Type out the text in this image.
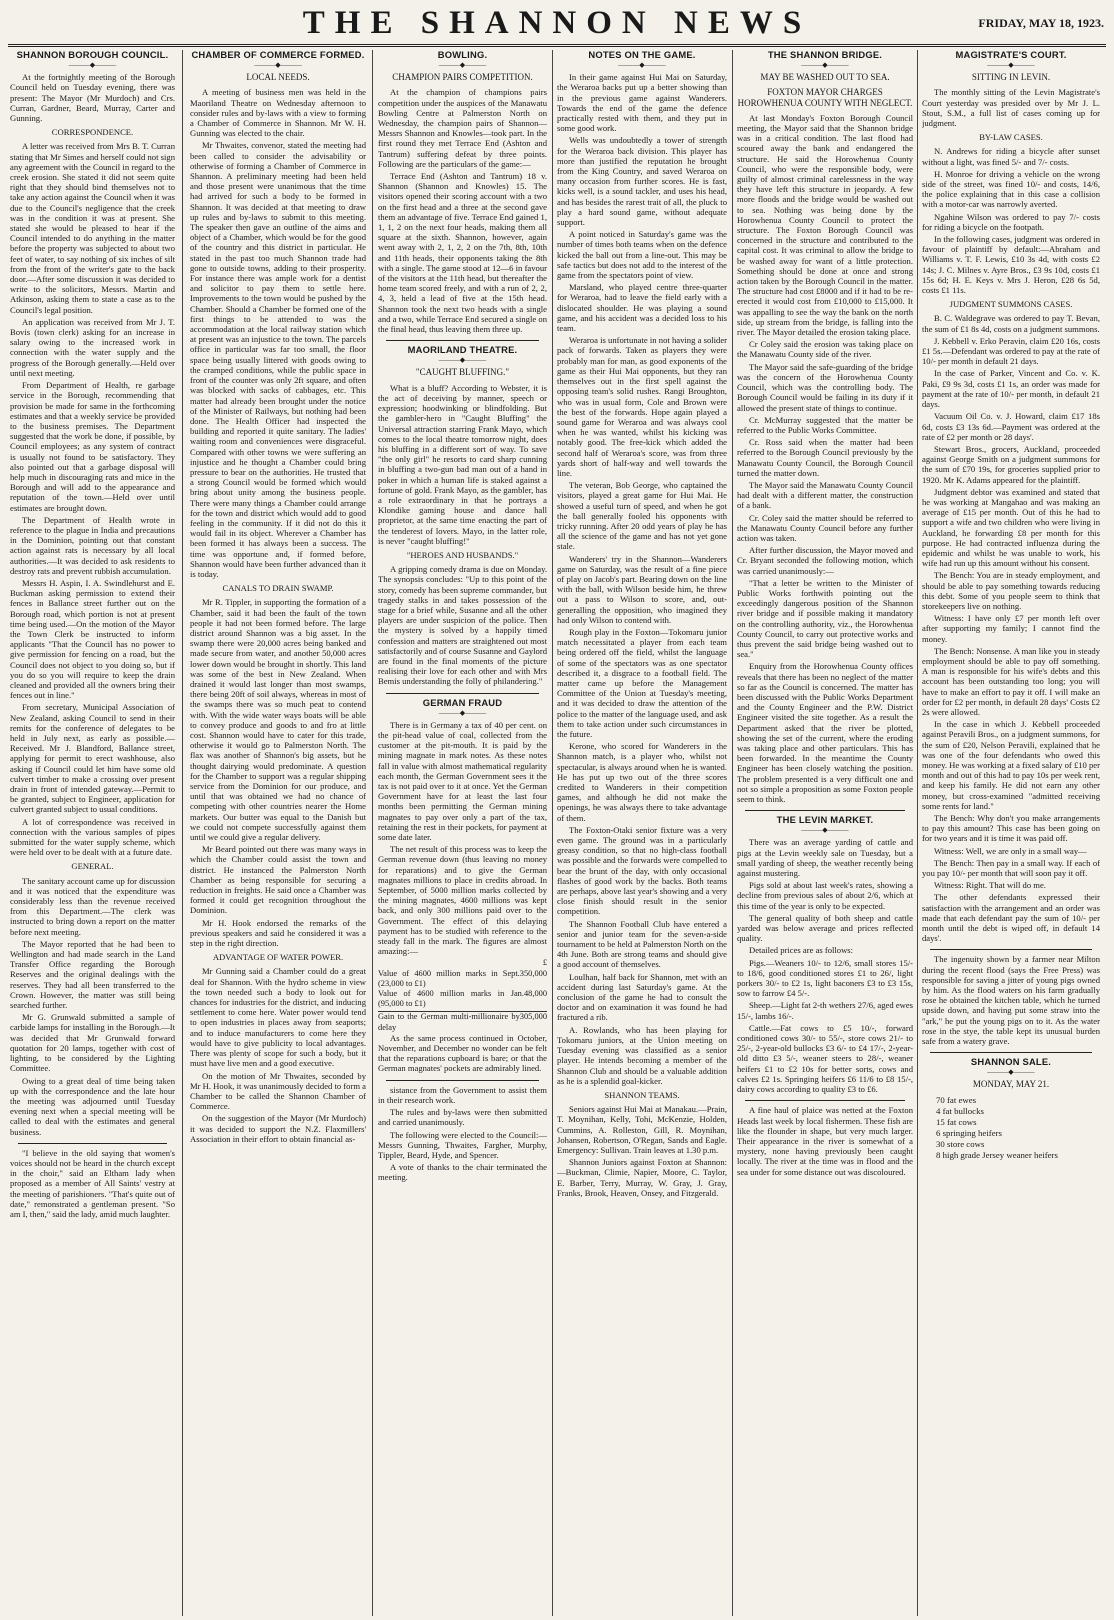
THE SHANNON NEWS	FRIDAY, MAY 18, 1923.
SHANNON BOROUGH COUNCIL.
———◆———

At the fortnightly meeting of the Borough Council held on Tuesday evening, there was present: The Mayor (Mr Murdoch) and Crs. Curran, Gardner, Beard, Murray, Carter and Gunning.

CORRESPONDENCE.

A letter was received from Mrs B. T. Curran stating that Mr Simes and herself could not sign any agreement with the Council in regard to the creek erosion. She stated it did not seem quite right that they should bind themselves not to take any action against the Council when it was due to the Council's negligence that the creek was in the condition it was at present. She stated she would be pleased to hear if the Council intended to do anything in the matter before the property was subjected to about two feet of water, to say nothing of six inches of silt from the front of the writer's gate to the back door.—After some discussion it was decided to write to the solicitors, Messrs. Martin and Atkinson, asking them to state a case as to the Council's legal position.

An application was received from Mr J. T. Bovis (town clerk) asking for an increase in salary owing to the increased work in connection with the water supply and the progress of the Borough generally.—Held over until next meeting.

From Department of Health, re garbage service in the Borough, recommending that provision be made for same in the forthcoming estimates and that a weekly service be provided to the business premises. The Department suggested that the work be done, if possible, by Council employees; as any system of contract is usually not found to be satisfactory. They also pointed out that a garbage disposal will help much in discouraging rats and mice in the Borough and will add to the appearance and reputation of the town.—Held over until estimates are brought down.

The Department of Health wrote in reference to the plague in India and precautions in the Dominion, pointing out that constant action against rats is necessary by all local authorities.—It was decided to ask residents to destroy rats and prevent rubbish accumulation.

Messrs H. Aspin, I. A. Swindlehurst and E. Buckman asking permission to extend their fences in Ballance street further out on the Borough road, which portion is not at present time being used.—On the motion of the Mayor the Town Clerk be instructed to inform applicants "That the Council has no power to give permission for fencing on a road, but the Council does not object to you doing so, but if you do so you will require to keep the drain cleaned and provided all the owners bring their fences out in line."

From secretary, Municipal Association of New Zealand, asking Council to send in their remits for the conference of delegates to be held in July next, as early as possible.—Received. Mr J. Blandford, Ballance street, applying for permit to erect washhouse, also asking if Council could let him have some old culvert timber to make a crossing over present drain in front of intended gateway.—Permit to be granted, subject to Engineer, application for culvert granted subject to usual conditions.

A lot of correspondence was received in connection with the various samples of pipes submitted for the water supply scheme, which were held over to be dealt with at a future date.

GENERAL.

The sanitary account came up for discussion and it was noticed that the expenditure was considerably less than the revenue received from this Department.—The clerk was instructed to bring down a report on the matter before next meeting.

The Mayor reported that he had been to Wellington and had made search in the Land Transfer Office regarding the Borough Reserves and the original dealings with the reserves. They had all been transferred to the Crown. However, the matter was still being searched further.

Mr G. Grunwald submitted a sample of carbide lamps for installing in the Borough.—It was decided that Mr Grunwald forward quotation for 20 lamps, together with cost of lighting, to be considered by the Lighting Committee.

Owing to a great deal of time being taken up with the correspondence and the late hour the meeting was adjourned until Tuesday evening next when a special meeting will be called to deal with the estimates and general business.

"I believe in the old saying that women's voices should not be heard in the church except in the choir," said an Eltham lady when proposed as a member of All Saints' vestry at the meeting of parishioners. "That's quite out of date," remonstrated a gentleman present. "So am I, then," said the lady, amid much laughter.

CHAMBER OF COMMERCE FORMED.
———◆———
LOCAL NEEDS.

A meeting of business men was held in the Maoriland Theatre on Wednesday afternoon to consider rules and by-laws with a view to forming a Chamber of Commerce in Shannon. Mr W. H. Gunning was elected to the chair.

Mr Thwaites, convenor, stated the meeting had been called to consider the advisability or otherwise of forming a Chamber of Commerce in Shannon. A preliminary meeting had been held and those present were unanimous that the time had arrived for such a body to be formed in Shannon. It was decided at that meeting to draw up rules and by-laws to submit to this meeting. The speaker then gave an outline of the aims and object of a Chamber, which would be for the good of the country and this district in particular. He stated in the past too much Shannon trade had gone to outside towns, adding to their prosperity. For instance there was ample work for a dentist and solicitor to pay them to settle here. Improvements to the town would be pushed by the Chamber. Should a Chamber be formed one of the first things to be attended to was the accommodation at the local railway station which at present was an injustice to the town. The parcels office in particular was far too small, the floor space being usually littered with goods owing to the cramped conditions, while the public space in front of the counter was only 2ft square, and often was blocked with sacks of cabbages, etc. This matter had already been brought under the notice of the Minister of Railways, but nothing had been done. The Health Officer had inspected the building and reported it quite sanitary. The ladies' waiting room and conveniences were disgraceful. Compared with other towns we were suffering an injustice and he thought a Chamber could bring pressure to bear on the authorities. He trusted that a strong Council would be formed which would bring about unity among the business people. There were many things a Chamber could arrange for the town and district which would add to good feeling in the community. If it did not do this it would fail in its object. Wherever a Chamber has been formed it has always been a success. The time was opportune and, if formed before, Shannon would have been further advanced than it is today.

CANALS TO DRAIN SWAMP.

Mr R. Tippler, in supporting the formation of a Chamber, said it had been the fault of the town people it had not been formed before. The large district around Shannon was a big asset. In the swamp there were 20,000 acres being banked and made secure from water, and another 50,000 acres lower down would be brought in shortly. This land was some of the best in New Zealand. When drained it would last longer than most swamps, there being 20ft of soil always, whereas in most of the swamps there was so much peat to contend with. With the wide water ways boats will be able to convey produce and goods to and fro at little cost. Shannon would have to cater for this trade, otherwise it would go to Palmerston North. The flax was another of Shannon's big assets, but he thought dairying would predominate. A question for the Chamber to support was a regular shipping service from the Dominion for our produce, and until that was obtained we had no chance of competing with other countries nearer the Home markets. Our butter was equal to the Danish but we could not compete successfully against them until we could give a regular delivery.

Mr Beard pointed out there was many ways in which the Chamber could assist the town and district. He instanced the Palmerston North Chamber as being responsible for securing a reduction in freights. He said once a Chamber was formed it could get recognition throughout the Dominion.

Mr H. Hook endorsed the remarks of the previous speakers and said he considered it was a step in the right direction.

ADVANTAGE OF WATER POWER.

Mr Gunning said a Chamber could do a great deal for Shannon. With the hydro scheme in view the town needed such a body to look out for chances for industries for the district, and inducing settlement to come here. Water power would tend to open industries in places away from seaports; and to induce manufacturers to come here they would have to give publicity to local advantages. There was plenty of scope for such a body, but it must have live men and a good executive.

On the motion of Mr Thwaites, seconded by Mr H. Hook, it was unanimously decided to form a Chamber to be called the Shannon Chamber of Commerce.

On the suggestion of the Mayor (Mr Murdoch) it was decided to support the N.Z. Flaxmillers' Association in their effort to obtain financial as-

BOWLING.
———◆———
CHAMPION PAIRS COMPETITION.

At the champion of champions pairs competition under the auspices of the Manawatu Bowling Centre at Palmerston North on Wednesday, the champion pairs of Shannon—Messrs Shannon and Knowles—took part. In the first round they met Terrace End (Ashton and Tantrum) suffering defeat by three points. Following are the particulars of the game:—

Terrace End (Ashton and Tantrum) 18 v. Shannon (Shannon and Knowles) 15. The visitors opened their scoring account with a two on the first head and a three at the second gave them an advantage of five. Terrace End gained 1, 1, 1, 2 on the next four heads, making them all square at the sixth. Shannon, however, again went away with 2, 1, 2, 2 on the 7th, 8th, 10th and 11th heads, their opponents taking the 8th with a single. The game stood at 12—6 in favour of the visitors at the 11th head, but thereafter the home team scored freely, and with a run of 2, 2, 4, 3, held a lead of five at the 15th head. Shannon took the next two heads with a single and a two, while Terrace End secured a single on the final head, thus leaving them three up.

MAORILAND THEATRE.
———◆———
"CAUGHT BLUFFING."

What is a bluff? According to Webster, it is the act of deceiving by manner, speech or expression; hoodwinking or blindfolding. But the gambler-hero in "Caught Bluffing" the Universal attraction starring Frank Mayo, which comes to the local theatre tomorrow night, does his bluffing in a different sort of way. To save "the only girl" he resorts to card sharp cunning in bluffing a two-gun bad man out of a hand in poker in which a human life is staked against a fortune of gold. Frank Mayo, as the gambler, has a role extraordinary in that he portrays a Klondike gaming house and dance hall proprietor, at the same time enacting the part of the tenderest of lovers. Mayo, in the latter role, is never "caught bluffing!"

"HEROES AND HUSBANDS."

A gripping comedy drama is due on Monday. The synopsis concludes: "Up to this point of the story, comedy has been supreme commander, but tragedy stalks in and takes possession of the stage for a brief while, Susanne and all the other players are under suspicion of the police. Then the mystery is solved by a happily timed confession and matters are straightened out most satisfactorily and of course Susanne and Gaylord are found in the final moments of the picture realising their love for each other and with Mrs Bemis understanding the folly of philandering."

GERMAN FRAUD
———◆———

There is in Germany a tax of 40 per cent. on the pit-head value of coal, collected from the customer at the pit-mouth. It is paid by the mining magnate in mark notes. As these notes fall in value with almost mathematical regularity each month, the German Government sees it the tax is not paid over to it at once. Yet the German Government have for at least the last four months been permitting the German mining magnates to pay over only a part of the tax, retaining the rest in their pockets, for payment at some date later.

The net result of this process was to keep the German revenue down (thus leaving no money for reparations) and to give the German magnates millions to place in credits abroad. In September, of 5000 million marks collected by the mining magnates, 4600 millions was kept back, and only 300 millions paid over to the Government. The effect of this delaying payment has to be studied with reference to the steady fall in the mark. The figures are almost amazing:—

£
Value of 4600 million marks in Sept. (23,000 to £1)
350,000
Value of 4600 million marks in Jan. (95,000 to £1)
48,000
Gain to the German multi-millionaire by delay
305,000

As the same process continued in October, November, and December no wonder can be felt that the reparations cupboard is bare; or that the German magnates' pockets are admirably lined.

sistance from the Government to assist them in their research work.

The rules and by-laws were then submitted and carried unanimously.

The following were elected to the Council:—Messrs Gunning, Thwaites, Fargher, Murphy, Tippler, Beard, Hyde, and Spencer.

A vote of thanks to the chair terminated the meeting.

NOTES ON THE GAME.
———◆———

In their game against Hui Mai on Saturday, the Weraroa backs put up a better showing than in the previous game against Wanderers. Towards the end of the game the defence practically rested with them, and they put in some good work.

Wells was undoubtedly a tower of strength for the Weraroa back division. This player has more than justified the reputation he brought from the King Country, and saved Weraroa on many occasion from further scores. He is fast, kicks well, is a sound tackler, and uses his head, and has besides the rarest trait of all, the pluck to play a hard sound game, without adequate support.

A point noticed in Saturday's game was the number of times both teams when on the defence kicked the ball out from a line-out. This may be safe tactics but does not add to the interest of the game from the spectators point of view.

Marsland, who played centre three-quarter for Weraroa, had to leave the field early with a dislocated shoulder. He was playing a sound game, and his accident was a decided loss to his team.

Weraroa is unfortunate in not having a solider pack of forwards. Taken as players they were probably man for man, as good exponents of the game as their Hui Mai opponents, but they ran themselves out in the first spell against the opposing team's solid rushes. Rangi Broughton, who was in usual form, Cole and Brown were the best of the forwards. Hope again played a sound game for Weraroa and was always cool when he was wanted, whilst his kicking was notably good. The free-kick which added the second half of Weraroa's score, was from three yards short of half-way and well towards the line.

The veteran, Bob George, who captained the visitors, played a great game for Hui Mai. He showed a useful turn of speed, and when he got the ball generally fooled his opponents with tricky running. After 20 odd years of play he has all the science of the game and has not yet gone stale.

Wanderers' try in the Shannon—Wanderers game on Saturday, was the result of a fine piece of play on Jacob's part. Bearing down on the line with the ball, with Wilson beside him, he threw out a pass to Wilson to score, and, out-generalling the opposition, who imagined they had only Wilson to contend with.

Rough play in the Foxton—Tokomaru junior match necessitated a player from each team being ordered off the field, whilst the language of some of the spectators was as one spectator described it, a disgrace to a football field. The matter came up before the Management Committee of the Union at Tuesday's meeting, and it was decided to draw the attention of the police to the matter of the language used, and ask them to take action under such circumstances in the future.

Kerone, who scored for Wanderers in the Shannon match, is a player who, whilst not spectacular, is always around when he is wanted. He has put up two out of the three scores credited to Wanderers in their competition games, and although he did not make the openings, he was always there to take advantage of them.

The Foxton-Otaki senior fixture was a very even game. The ground was in a particularly greasy condition, so that no high-class football was possible and the forwards were compelled to bear the brunt of the day, with only occasional flashes of good work by the backs. Both teams are perhaps, above last year's showing and a very close finish should result in the senior competition.

The Shannon Football Club have entered a senior and junior team for the seven-a-side tournament to be held at Palmerston North on the 4th June. Both are strong teams and should give a good account of themselves.

Loulhan, half back for Shannon, met with an accident during last Saturday's game. At the conclusion of the game he had to consult the doctor and on examination it was found he had fractured a rib.

A. Rowlands, who has been playing for Tokomaru juniors, at the Union meeting on Tuesday evening was classified as a senior player. He intends becoming a member of the Shannon Club and should be a valuable addition as he is a splendid goal-kicker.

SHANNON TEAMS.

Seniors against Hui Mai at Manakau.—Prain, T. Moynihan, Kelly, Tohi, McKenzie, Holden, Cummins, A. Rolleston, Gill, R. Moynihan, Johansen, Robertson, O'Regan, Sands and Eagle. Emergency: Sullivan. Train leaves at 1.30 p.m.

Shannon Juniors against Foxton at Shannon:—Buckman, Climie, Napier, Moore, C. Taylor, E. Barber, Terry, Murray, W. Gray, J. Gray, Franks, Brook, Heaven, Onsey, and Fitzgerald.

THE SHANNON BRIDGE.
———◆———
MAY BE WASHED OUT TO SEA.
FOXTON MAYOR CHARGES HOROWHENUA COUNTY WITH NEGLECT.

At last Monday's Foxton Borough Council meeting, the Mayor said that the Shannon bridge was in a critical condition. The last flood had scoured away the bank and endangered the structure. He said the Horowhenua County Council, who were the responsible body, were guilty of almost criminal carelessness in the way they have left this structure in jeopardy. A few more floods and the bridge would be washed out to sea. Nothing was being done by the Horowhenua County Council to protect the structure. The Foxton Borough Council was concerned in the structure and contributed to the capital cost. It was criminal to allow the bridge to be washed away for want of a little protection. Something should be done at once and strong action taken by the Borough Council in the matter. The structure had cost £8000 and if it had to be re-erected it would cost from £10,000 to £15,000. It was appalling to see the way the bank on the north side, up stream from the bridge, is falling into the river. The Mayor detailed the erosion taking place.

Cr Coley said the erosion was taking place on the Manawatu County side of the river.

The Mayor said the safe-guarding of the bridge was the concern of the Horowhenua County Council, which was the controlling body. The Borough Council would be failing in its duty if it allowed the present state of things to continue.

Cr. McMurray suggested that the matter be referred to the Public Works Committee.

Cr. Ross said when the matter had been referred to the Borough Council previously by the Manawatu County Council, the Borough Council turned the matter down.

The Mayor said the Manawatu County Council had dealt with a different matter, the construction of a bank.

Cr. Coley said the matter should be referred to the Manawatu County Council before any further action was taken.

After further discussion, the Mayor moved and Cr. Bryant seconded the following motion, which was carried unanimously:—

"That a letter be written to the Minister of Public Works forthwith pointing out the exceedingly dangerous position of the Shannon river bridge and if possible making it mandatory on the controlling authority, viz., the Horowhenua County Council, to carry out protective works and thus prevent the said bridge being washed out to sea."

Enquiry from the Horowhenua County offices reveals that there has been no neglect of the matter so far as the Council is concerned. The matter has been discussed with the Public Works Department and the County Engineer and the P.W. District Engineer visited the site together. As a result the Department asked that the river be plotted, showing the set of the current, where the eroding was taking place and other particulars. This has been forwarded. In the meantime the County Engineer has been closely watching the position. The problem presented is a very difficult one and not so simple a proposition as some Foxton people seem to think.

THE LEVIN MARKET.
———◆———

There was an average yarding of cattle and pigs at the Levin weekly sale on Tuesday, but a small yarding of sheep, the weather recently being against mustering.

Pigs sold at about last week's rates, showing a decline from previous sales of about 2/6, which at this time of the year is only to be expected.

The general quality of both sheep and cattle yarded was below average and prices reflected quality.

Detailed prices are as follows:

Pigs.—Weaners 10/- to 12/6, small stores 15/- to 18/6, good conditioned stores £1 to 26/, light porkers 30/- to £2 1s, light baconers £3 to £3 15s, sow to farrow £4 5/-.

Sheep.—Light fat 2-th wethers 27/6, aged ewes 15/-, lambs 16/-.

Cattle.—Fat cows to £5 10/-, forward conditioned cows 30/- to 55/-, store cows 21/- to 25/-, 2-year-old bullocks £3 6/- to £4 17/-, 2-year-old ditto £3 5/-, weaner steers to 28/-, weaner heifers £1 to £2 10s for better sorts, cows and calves £2 1s. Springing heifers £6 11/6 to £8 15/-, dairy cows according to quality £3 to £6.

A fine haul of plaice was netted at the Foxton Heads last week by local fishermen. These fish are like the flounder in shape, but very much larger. Their appearance in the river is somewhat of a mystery, none having previously been caught locally. The river at the time was in flood and the sea under for some distance out was discoloured.

MAGISTRATE'S COURT.
———◆———
SITTING IN LEVIN.

The monthly sitting of the Levin Magistrate's Court yesterday was presided over by Mr J. L. Stout, S.M., a full list of cases coming up for judgment.

BY-LAW CASES.

N. Andrews for riding a bicycle after sunset without a light, was fined 5/- and 7/- costs.

H. Monroe for driving a vehicle on the wrong side of the street, was fined 10/- and costs, 14/6, the police explaining that in this case a collision with a motor-car was narrowly averted.

Ngahine Wilson was ordered to pay 7/- costs for riding a bicycle on the footpath.

In the following cases, judgment was ordered in favour of plaintiff by default:—Abraham and Williams v. T. F. Lewis, £10 3s 4d, with costs £2 14s; J. C. Milnes v. Ayre Bros., £3 9s 10d, costs £1 15s 6d; H. E. Keys v. Mrs J. Heron, £28 6s 5d, costs £1 11s.

JUDGMENT SUMMONS CASES.

B. C. Waldegrave was ordered to pay T. Bevan, the sum of £1 8s 4d, costs on a judgment summons.

J. Kebbell v. Erko Peravin, claim £20 16s, costs £1 5s.—Defendant was ordered to pay at the rate of 10/- per month in default 21 days.

In the case of Parker, Vincent and Co. v. K. Paki, £9 9s 3d, costs £1 1s, an order was made for payment at the rate of 10/- per month, in default 21 days.

Vacuum Oil Co. v. J. Howard, claim £17 18s 6d, costs £3 13s 6d.—Payment was ordered at the rate of £2 per month or 28 days'.

Stewart Bros., grocers, Auckland, proceeded against George Smith on a judgment summons for the sum of £70 19s, for groceries supplied prior to 1920. Mr K. Adams appeared for the plaintiff.

Judgment debtor was examined and stated that he was working at Mangahao and was making an average of £15 per month. Out of this he had to support a wife and two children who were living in Auckland, he forwarding £8 per month for this purpose. He had contracted influenza during the epidemic and whilst he was unable to work, his wife had run up this amount without his consent.

The Bench: You are in steady employment, and should be able to pay something towards reducing this debt. Some of you people seem to think that storekeepers live on nothing.

Witness: I have only £7 per month left over after supporting my family; I cannot find the money.

The Bench: Nonsense. A man like you in steady employment should be able to pay off something. A man is responsible for his wife's debts and this account has been outstanding too long; you will have to make an effort to pay it off. I will make an order for £2 per month, in default 28 days' Costs £2 2s were allowed.

In the case in which J. Kebbell proceeded against Peravili Bros., on a judgment summons, for the sum of £20, Nelson Peravili, explained that he was one of the four defendants who owed this money. He was working at a fixed salary of £10 per month and out of this had to pay 10s per week rent, and keep his family. He did not earn any other money, but cross-examined "admitted receiving some rents for land."

The Bench: Why don't you make arrangements to pay this amount? This case has been going on for two years and it is time it was paid off.

Witness: Well, we are only in a small way—

The Bench: Then pay in a small way. If each of you pay 10/- per month that will soon pay it off.

Witness: Right. That will do me.

The other defendants expressed their satisfaction with the arrangement and an order was made that each defendant pay the sum of 10/- per month until the debt is wiped off, in default 14 days'.

The ingenuity shown by a farmer near Milton during the recent flood (says the Free Press) was responsible for saving a jitter of young pigs owned by him. As the flood waters on his farm gradually rose he obtained the kitchen table, which he turned upside down, and having put some straw into the "ark," he put the young pigs on to it. As the water rose in the stye, the table kept its unusual burden safe from a watery grave.

SHANNON SALE.
———◆———
MONDAY, MAY 21.
70 fat ewes
4 fat bullocks
15 fat cows
6 springing heifers
30 store cows
8 high grade Jersey weaner heifers
